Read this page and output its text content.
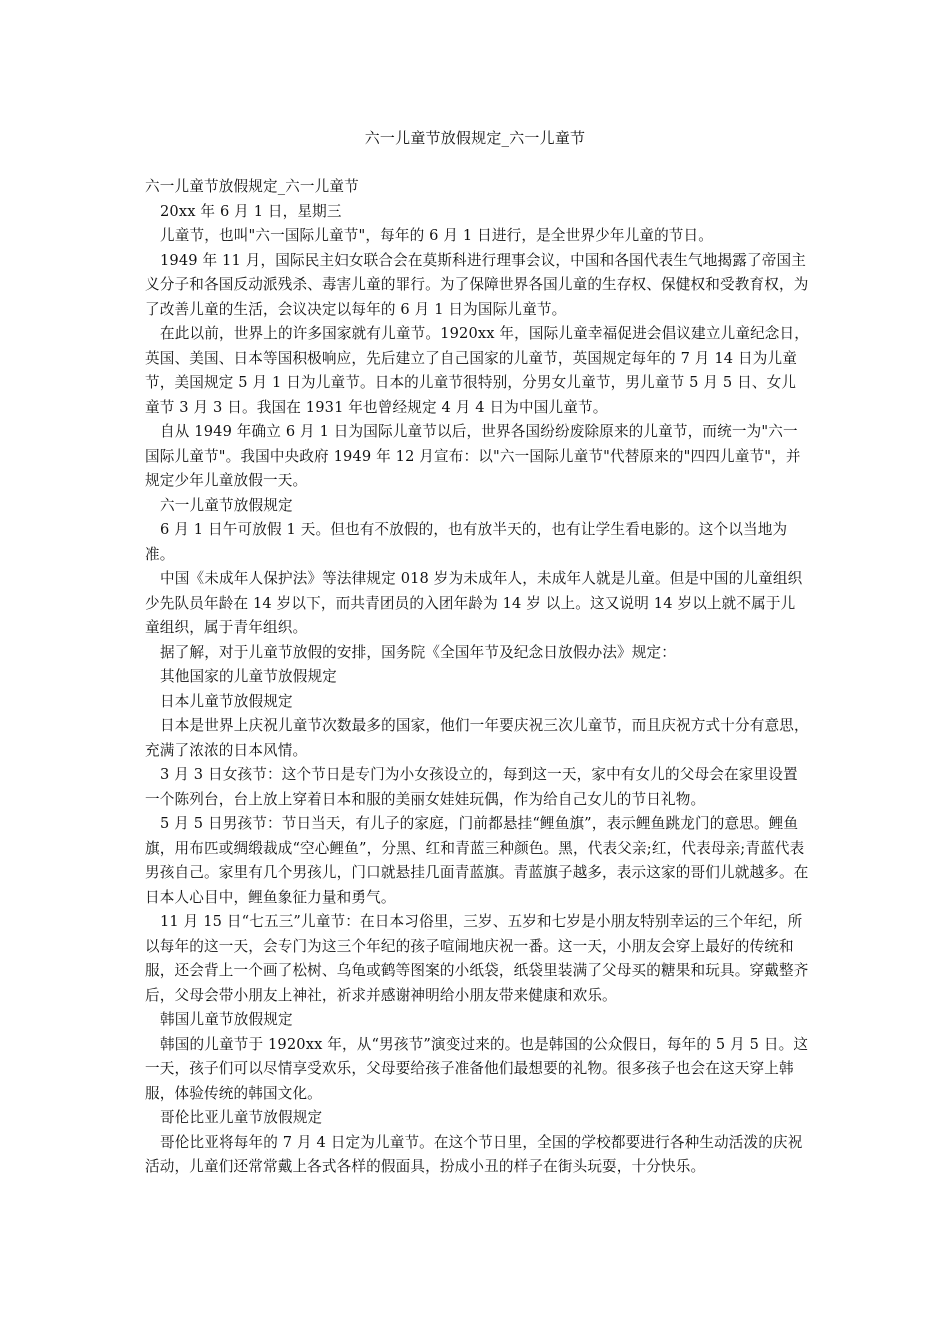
六一儿童节放假规定_六一儿童节

六一儿童节放假规定_六一儿童节

20xx 年 6 月 1 日，星期三

儿童节，也叫"六一国际儿童节"，每年的 6 月 1 日进行，是全世界少年儿童的节日。

1949 年 11 月，国际民主妇女联合会在莫斯科进行理事会议，中国和各国代表生气地揭露了帝国主义分子和各国反动派残杀、毒害儿童的罪行。为了保障世界各国儿童的生存权、保健权和受教育权，为了改善儿童的生活，会议决定以每年的 6 月 1 日为国际儿童节。

在此以前，世界上的许多国家就有儿童节。1920xx 年，国际儿童幸福促进会倡议建立儿童纪念日，英国、美国、日本等国积极响应，先后建立了自己国家的儿童节，英国规定每年的 7 月 14 日为儿童节，美国规定 5 月 1 日为儿童节。日本的儿童节很特别，分男女儿童节，男儿童节 5 月 5 日、女儿童节 3 月 3 日。我国在 1931 年也曾经规定 4 月 4 日为中国儿童节。

自从 1949 年确立 6 月 1 日为国际儿童节以后，世界各国纷纷废除原来的儿童节，而统一为"六一国际儿童节"。我国中央政府 1949 年 12 月宣布：以"六一国际儿童节"代替原来的"四四儿童节"，并规定少年儿童放假一天。

六一儿童节放假规定

6 月 1 日午可放假 1 天。但也有不放假的，也有放半天的，也有让学生看电影的。这个以当地为准。

中国《未成年人保护法》等法律规定 018 岁为未成年人，未成年人就是儿童。但是中国的儿童组织少先队员年龄在 14 岁以下，而共青团员的入团年龄为 14 岁 以上。这又说明 14 岁以上就不属于儿童组织，属于青年组织。

据了解，对于儿童节放假的安排，国务院《全国年节及纪念日放假办法》规定：

其他国家的儿童节放假规定

日本儿童节放假规定

日本是世界上庆祝儿童节次数最多的国家，他们一年要庆祝三次儿童节，而且庆祝方式十分有意思，充满了浓浓的日本风情。

3 月 3 日女孩节：这个节日是专门为小女孩设立的，每到这一天，家中有女儿的父母会在家里设置一个陈列台，台上放上穿着日本和服的美丽女娃娃玩偶，作为给自己女儿的节日礼物。

5 月 5 日男孩节：节日当天，有儿子的家庭，门前都悬挂“鲤鱼旗”，表示鲤鱼跳龙门的意思。鲤鱼旗，用布匹或绸缎裁成“空心鲤鱼”，分黑、红和青蓝三种颜色。黑，代表父亲;红，代表母亲;青蓝代表男孩自己。家里有几个男孩儿，门口就悬挂几面青蓝旗。青蓝旗子越多，表示这家的哥们儿就越多。在日本人心目中，鲤鱼象征力量和勇气。

11 月 15 日“七五三”儿童节：在日本习俗里，三岁、五岁和七岁是小朋友特别幸运的三个年纪，所以每年的这一天，会专门为这三个年纪的孩子喧闹地庆祝一番。这一天，小朋友会穿上最好的传统和服，还会背上一个画了松树、乌龟或鹤等图案的小纸袋，纸袋里装满了父母买的糖果和玩具。穿戴整齐后，父母会带小朋友上神社，祈求并感谢神明给小朋友带来健康和欢乐。

韩国儿童节放假规定

韩国的儿童节于 1920xx 年，从“男孩节”演变过来的。也是韩国的公众假日，每年的 5 月 5 日。这一天，孩子们可以尽情享受欢乐，父母要给孩子准备他们最想要的礼物。很多孩子也会在这天穿上韩服，体验传统的韩国文化。

哥伦比亚儿童节放假规定

哥伦比亚将每年的 7 月 4 日定为儿童节。在这个节日里，全国的学校都要进行各种生动活泼的庆祝活动，儿童们还常常戴上各式各样的假面具，扮成小丑的样子在街头玩耍，十分快乐。
